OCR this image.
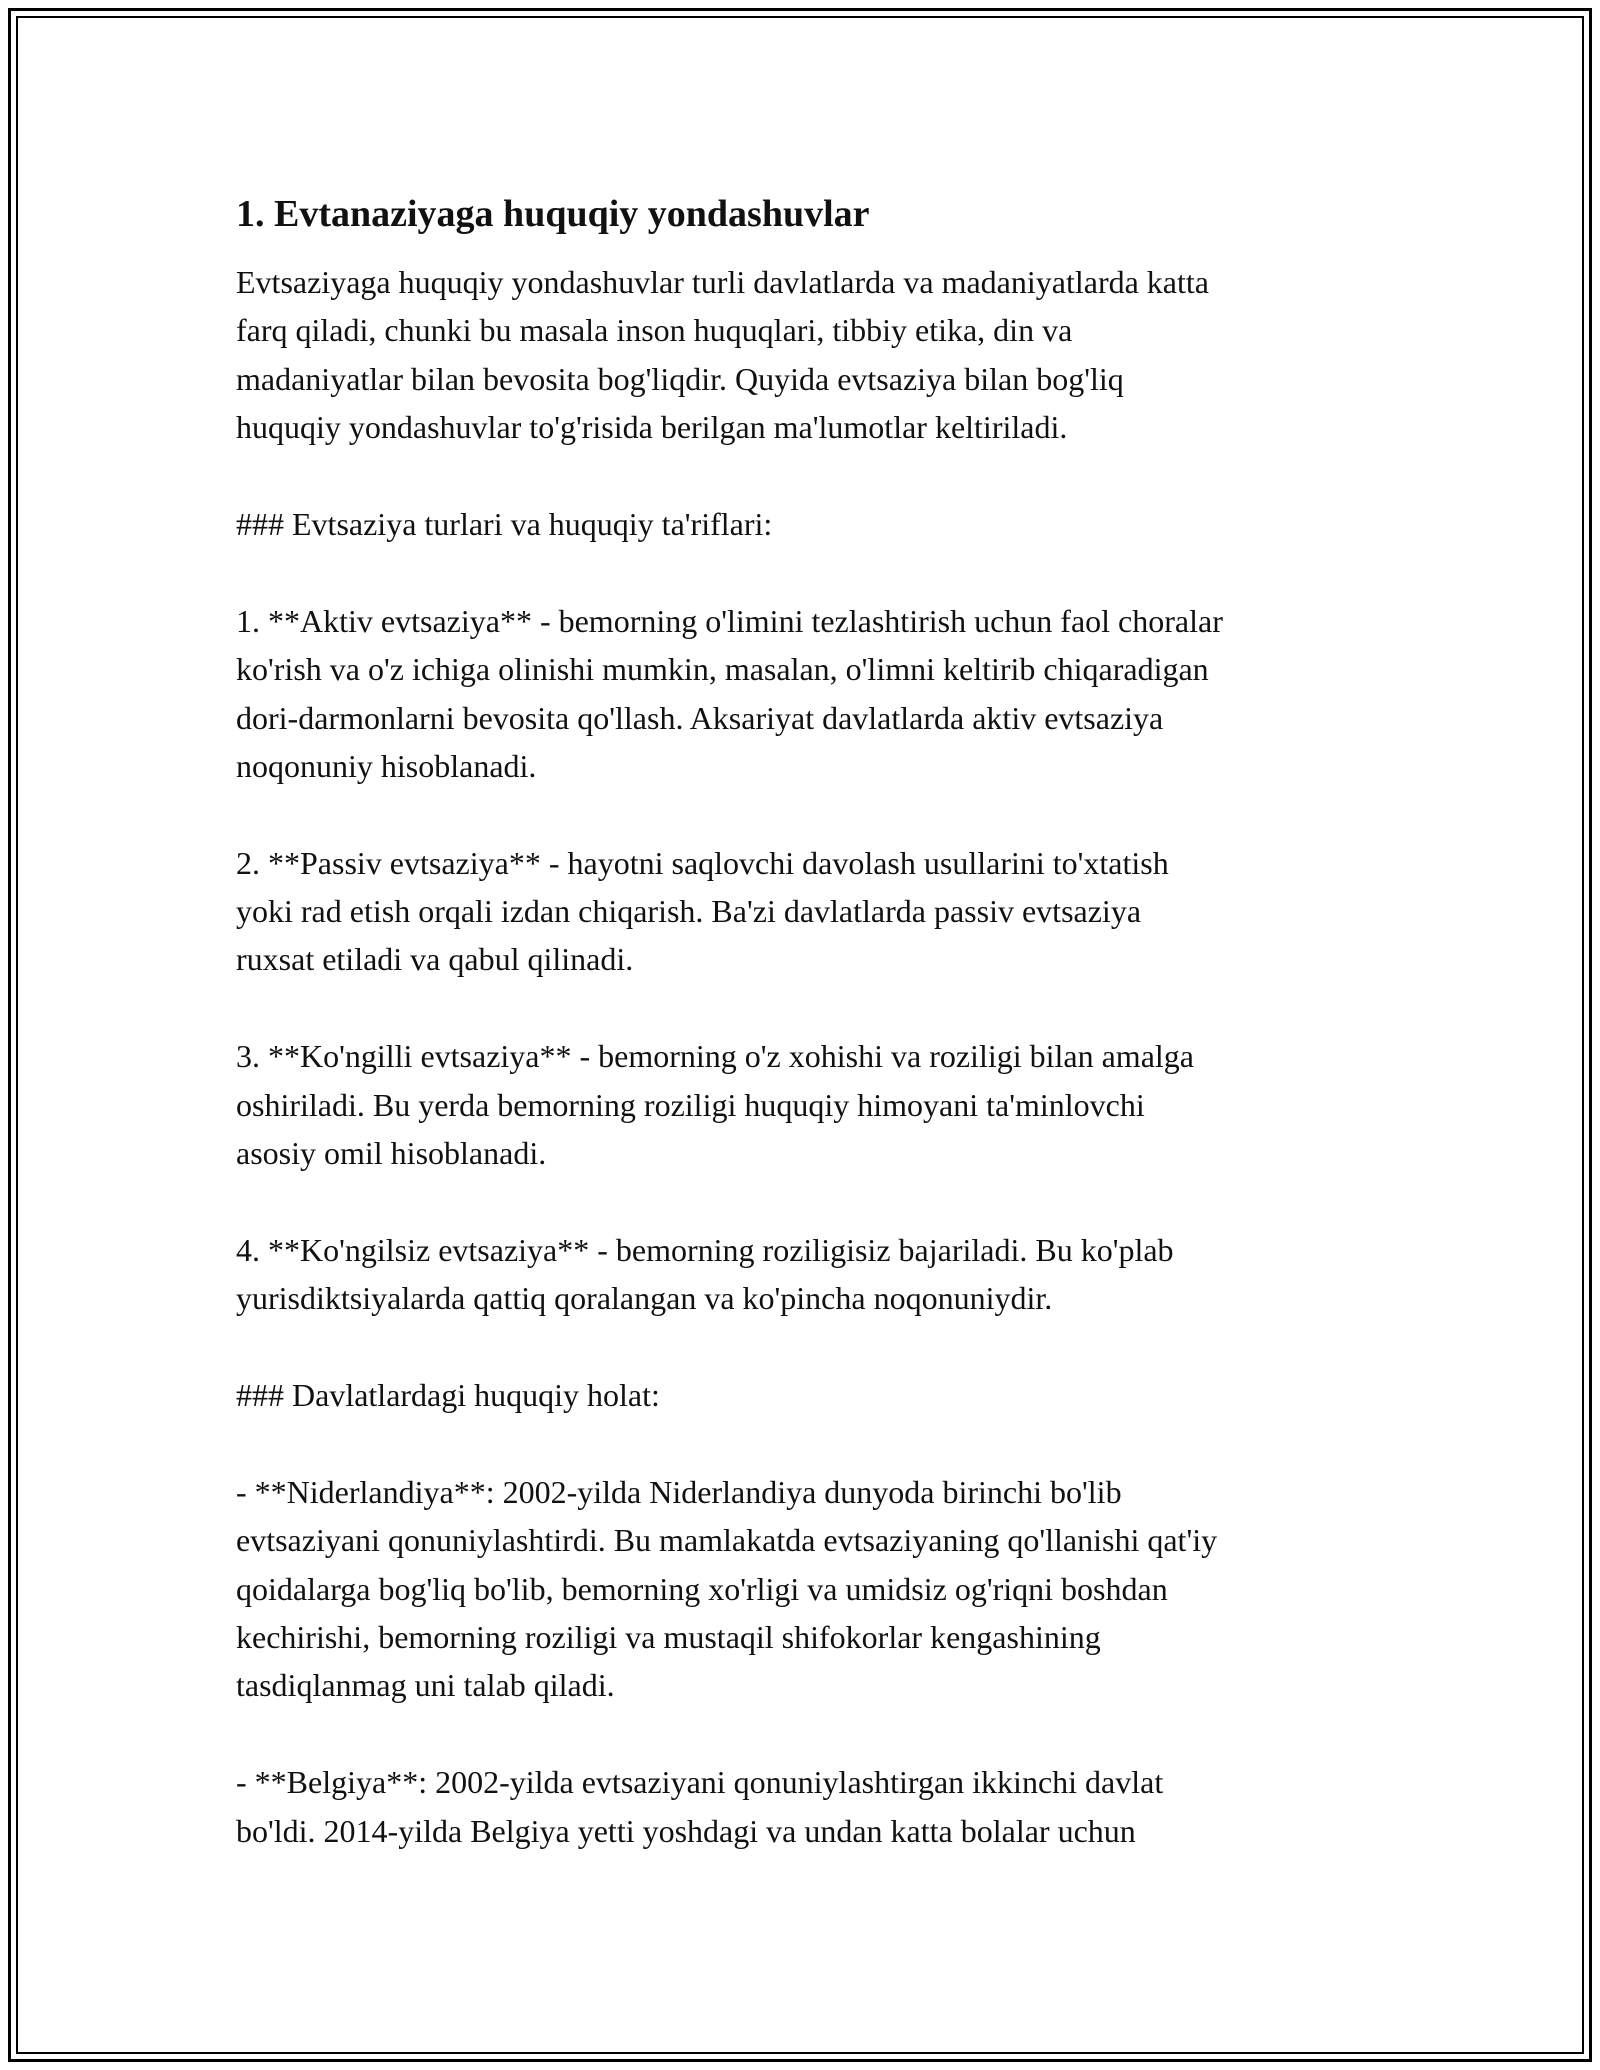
1. Evtanaziyaga huquqiy yondashuvlar
Evtsaziyaga huquqiy yondashuvlar turli davlatlarda va madaniyatlarda katta
farq qiladi, chunki bu masala inson huquqlari, tibbiy etika, din va
madaniyatlar bilan bevosita bog'liqdir. Quyida evtsaziya bilan bog'liq
huquqiy yondashuvlar to'g'risida berilgan ma'lumotlar keltiriladi.
### Evtsaziya turlari va huquqiy ta'riflari:
1. **Aktiv evtsaziya** - bemorning o'limini tezlashtirish uchun faol choralar
ko'rish va o'z ichiga olinishi mumkin, masalan, o'limni keltirib chiqaradigan
dori-darmonlarni bevosita qo'llash. Aksariyat davlatlarda aktiv evtsaziya
noqonuniy hisoblanadi.
2. **Passiv evtsaziya** - hayotni saqlovchi davolash usullarini to'xtatish
yoki rad etish orqali izdan chiqarish. Ba'zi davlatlarda passiv evtsaziya
ruxsat etiladi va qabul qilinadi.
3. **Ko'ngilli evtsaziya** - bemorning o'z xohishi va roziligi bilan amalga
oshiriladi. Bu yerda bemorning roziligi huquqiy himoyani ta'minlovchi
asosiy omil hisoblanadi.
4. **Ko'ngilsiz evtsaziya** - bemorning roziligisiz bajariladi. Bu ko'plab
yurisdiktsiyalarda qattiq qoralangan va ko'pincha noqonuniydir.
### Davlatlardagi huquqiy holat:
- **Niderlandiya**: 2002-yilda Niderlandiya dunyoda birinchi bo'lib
evtsaziyani qonuniylashtirdi. Bu mamlakatda evtsaziyaning qo'llanishi qat'iy
qoidalarga bog'liq bo'lib, bemorning xo'rligi va umidsiz og'riqni boshdan
kechirishi, bemorning roziligi va mustaqil shifokorlar kengashining
tasdiqlanmag uni talab qiladi.
- **Belgiya**: 2002-yilda evtsaziyani qonuniylashtirgan ikkinchi davlat
bo'ldi. 2014-yilda Belgiya yetti yoshdagi va undan katta bolalar uchun
